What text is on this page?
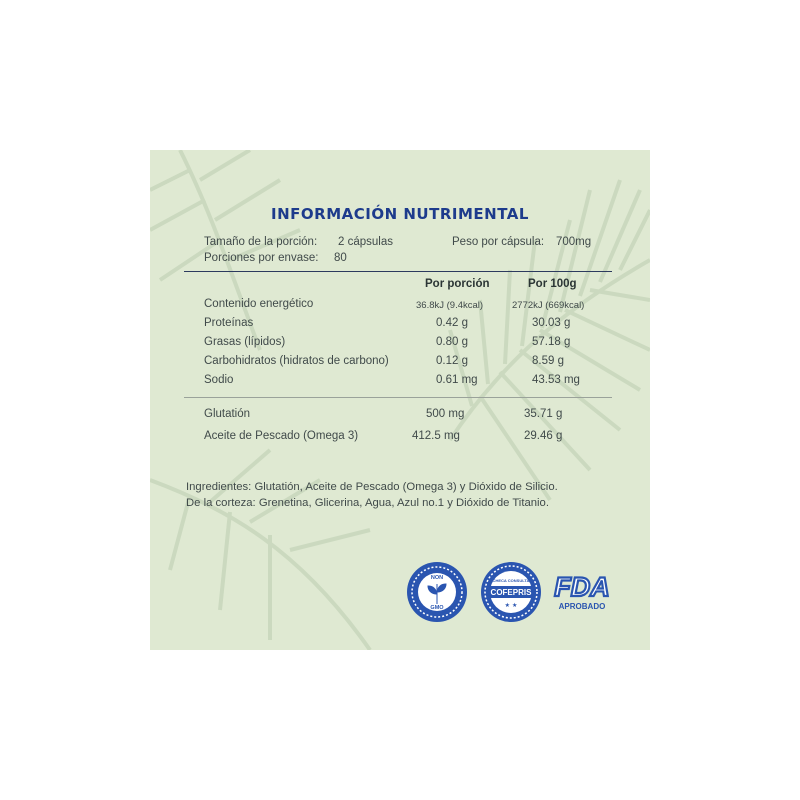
INFORMACIÓN NUTRIMENTAL
Tamaño de la porción: 2 cápsulas	Peso por cápsula: 700mg
Porciones por envase: 80
Por porción	Por 100g
Contenido energético	36.8kJ (9.4kcal)	2772kJ (669kcal)
Proteínas	0.42 g	30.03 g
Grasas (lípidos)	0.80 g	57.18 g
Carbohidratos (hidratos de carbono)	0.12 g	8.59 g
Sodio	0.61 mg	43.53 mg
Glutatión	500 mg	35.71 g
Aceite de Pescado (Omega 3)	412.5 mg	29.46 g
Ingredientes: Glutatión, Aceite de Pescado (Omega 3) y Dióxido de Silicio.
De la corteza: Grenetina, Glicerina, Agua, Azul no.1 y Dióxido de Titanio.
NON
GMO
CHECA CONSULTA
COFEPRIS
★ ★
FDA
APROBADO
